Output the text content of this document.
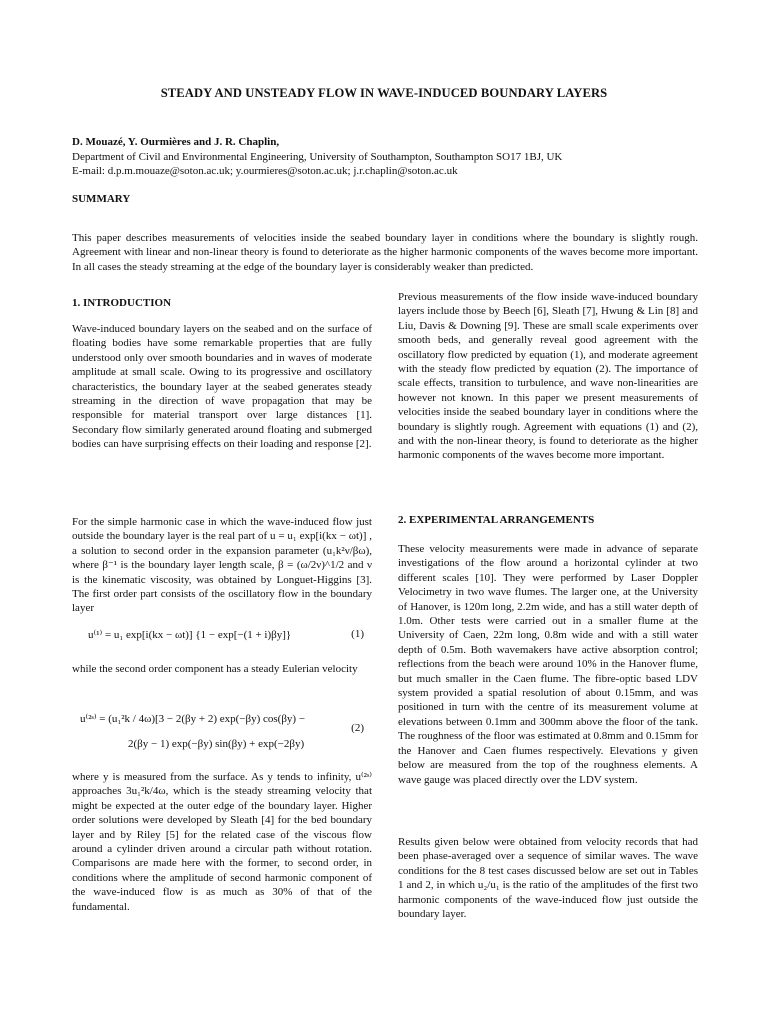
STEADY AND UNSTEADY FLOW IN WAVE-INDUCED BOUNDARY LAYERS
D. Mouazé, Y. Ourmières and J. R. Chaplin,
Department of Civil and Environmental Engineering, University of Southampton, Southampton SO17 1BJ, UK
E-mail: d.p.m.mouaze@soton.ac.uk; y.ourmieres@soton.ac.uk; j.r.chaplin@soton.ac.uk
SUMMARY

This paper describes measurements of velocities inside the seabed boundary layer in conditions where the boundary is slightly rough. Agreement with linear and non-linear theory is found to deteriorate as the higher harmonic components of the waves become more important. In all cases the steady streaming at the edge of the boundary layer is considerably weaker than predicted.

1. INTRODUCTION

Wave-induced boundary layers on the seabed and on the surface of floating bodies have some remarkable properties that are fully understood only over smooth boundaries and in waves of moderate amplitude at small scale. Owing to its progressive and oscillatory characteristics, the boundary layer at the seabed generates steady streaming in the direction of wave propagation that may be responsible for material transport over large distances [1]. Secondary flow similarly generated around floating and submerged bodies can have surprising effects on their loading and response [2].

For the simple harmonic case in which the wave-induced flow just outside the boundary layer is the real part of u = u₁ exp[i(kx − ωt)] , a solution to second order in the expansion parameter (u₁k²ν/βω), where β⁻¹ is the boundary layer length scale, β = (ω/2ν)^1/2 and ν is the kinematic viscosity, was obtained by Longuet-Higgins [3]. The first order part consists of the oscillatory flow in the boundary layer

u⁽¹⁾ = u₁ exp[i(kx − ωt)] {1 − exp[−(1 + i)βy]}	(1)

while the second order component has a steady Eulerian velocity

u⁽²ˢ⁾ = (u₁²k / 4ω)[3 − 2(βy + 2) exp(−βy) cos(βy) −
2(βy − 1) exp(−βy) sin(βy) + exp(−2βy)
(2)

where y is measured from the surface. As y tends to infinity, u⁽²ˢ⁾ approaches 3u₁²k/4ω, which is the steady streaming velocity that might be expected at the outer edge of the boundary layer. Higher order solutions were developed by Sleath [4] for the bed boundary layer and by Riley [5] for the related case of the viscous flow around a cylinder driven around a circular path without rotation. Comparisons are made here with the former, to second order, in conditions where the amplitude of second harmonic component of the wave-induced flow is as much as 30% of that of the fundamental.

Previous measurements of the flow inside wave-induced boundary layers include those by Beech [6], Sleath [7], Hwung & Lin [8] and Liu, Davis & Downing [9]. These are small scale experiments over smooth beds, and generally reveal good agreement with the oscillatory flow predicted by equation (1), and moderate agreement with the steady flow predicted by equation (2). The importance of scale effects, transition to turbulence, and wave non-linearities are however not known. In this paper we present measurements of velocities inside the seabed boundary layer in conditions where the boundary is slightly rough. Agreement with equations (1) and (2), and with the non-linear theory, is found to deteriorate as the higher harmonic components of the waves become more important.

2. EXPERIMENTAL ARRANGEMENTS

These velocity measurements were made in advance of separate investigations of the flow around a horizontal cylinder at two different scales [10]. They were performed by Laser Doppler Velocimetry in two wave flumes. The larger one, at the University of Hanover, is 120m long, 2.2m wide, and has a still water depth of 1.0m. Other tests were carried out in a smaller flume at the University of Caen, 22m long, 0.8m wide and with a still water depth of 0.5m. Both wavemakers have active absorption control; reflections from the beach were around 10% in the Hanover flume, but much smaller in the Caen flume. The fibre-optic based LDV system provided a spatial resolution of about 0.15mm, and was positioned in turn with the centre of its measurement volume at elevations between 0.1mm and 300mm above the floor of the tank. The roughness of the floor was estimated at 0.8mm and 0.15mm for the Hanover and Caen flumes respectively. Elevations y given below are measured from the top of the roughness elements. A wave gauge was placed directly over the LDV system.

Results given below were obtained from velocity records that had been phase-averaged over a sequence of similar waves. The wave conditions for the 8 test cases discussed below are set out in Tables 1 and 2, in which u₂/u₁ is the ratio of the amplitudes of the first two harmonic components of the wave-induced flow just outside the boundary layer.
